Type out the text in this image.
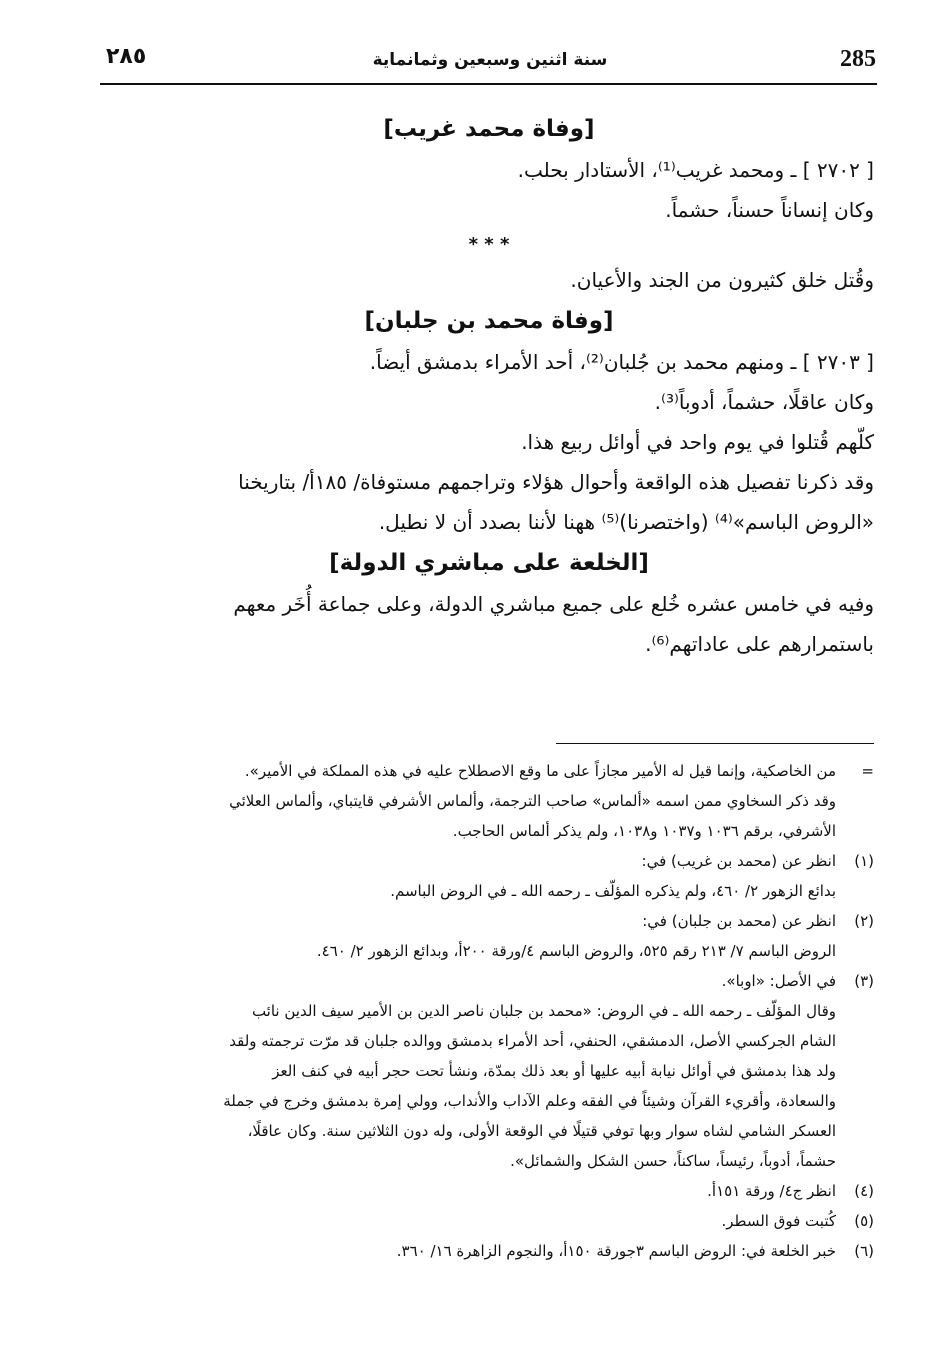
٢٨٥	سنة اثنين وسبعين وثمانماية	285
[وفاة محمد غريب]
[ ٢٧٠٢ ] ـ ومحمد غريب⁽¹⁾، الأستادار بحلب.
وكان إنساناً حسناً، حشماً.
* * *
وقُتل خلق كثيرون من الجند والأعيان.
[وفاة محمد بن جلبان]
[ ٢٧٠٣ ] ـ ومنهم محمد بن جُلبان⁽²⁾، أحد الأمراء بدمشق أيضاً.
وكان عاقلًا، حشماً، أدوباً⁽³⁾.
كلّهم قُتلوا في يوم واحد في أوائل ربيع هذا.
وقد ذكرنا تفصيل هذه الواقعة وأحوال هؤلاء وتراجمهم مستوفاة/ ١٨٥أ/ بتاريخنا
«الروض الباسم»⁽⁴⁾ (واختصرنا)⁽⁵⁾ ههنا لأننا بصدد أن لا نطيل.
[الخلعة على مباشري الدولة]
وفيه في خامس عشره خُلع على جميع مباشري الدولة، وعلى جماعة أُخَر معهم
باستمرارهم على عاداتهم⁽⁶⁾.
=من الخاصكية، وإنما قيل له الأمير مجازاً على ما وقع الاصطلاح عليه في هذه المملكة في الأمير».
وقد ذكر السخاوي ممن اسمه «ألماس» صاحب الترجمة، وألماس الأشرفي قايتباي، وألماس العلائي
الأشرفي، برقم ١٠٣٦ و١٠٣٧ و١٠٣٨، ولم يذكر ألماس الحاجب.
(١)انظر عن (محمد بن غريب) في:
بدائع الزهور ٢/ ٤٦٠، ولم يذكره المؤلّف ـ رحمه الله ـ في الروض الباسم.
(٢)انظر عن (محمد بن جلبان) في:
الروض الباسم ٧/ ٢١٣ رقم ٥٢٥، والروض الباسم ٤/ورقة ٢٠٠أ، وبدائع الزهور ٢/ ٤٦٠.
(٣)في الأصل: «اوبا».
وقال المؤلّف ـ رحمه الله ـ في الروض: «محمد بن جلبان ناصر الدين بن الأمير سيف الدين نائب
الشام الجركسي الأصل، الدمشقي، الحنفي، أحد الأمراء بدمشق ووالده جلبان قد مرّت ترجمته ولقد
ولد هذا بدمشق في أوائل نيابة أبيه عليها أو بعد ذلك بمدّة، ونشأ تحت حجر أبيه في كنف العز
والسعادة، وأقريء القرآن وشيئاً في الفقه وعلم الآداب والأنداب، وولي إمرة بدمشق وخرج في جملة
العسكر الشامي لشاه سوار وبها توفي قتيلًا في الوقعة الأولى، وله دون الثلاثين سنة. وكان عاقلًا،
حشماً، أدوباً، رئيساً، ساكناً، حسن الشكل والشمائل».
(٤)انظر ج٤/ ورقة ١٥١أ.
(٥)كُتبت فوق السطر.
(٦)خبر الخلعة في: الروض الباسم ٣جورقة ١٥٠أ، والنجوم الزاهرة ١٦/ ٣٦٠.
